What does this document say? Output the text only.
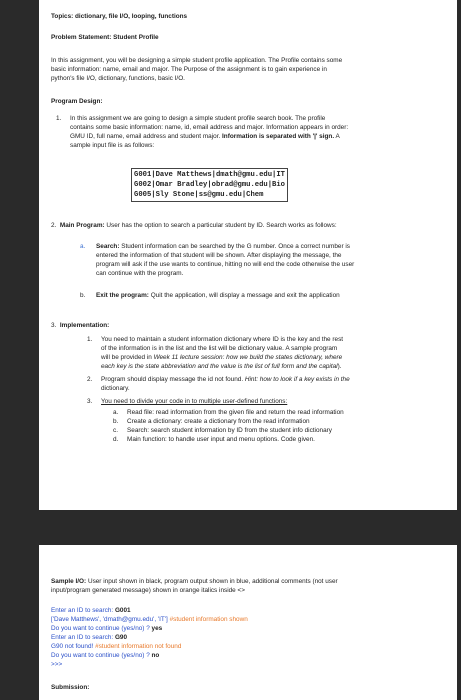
Topics: dictionary, file I/O, looping, functions
Problem Statement: Student Profile
In this assignment, you will be designing a simple student profile application. The Profile contains some
basic information: name, email and major. The Purpose of the assignment is to gain experience in
python's file I/O, dictionary, functions, basic I/O.
Program Design:
1. In this assignment we are going to design a simple student profile search book. The profile
contains some basic information: name, id, email address and major. Information appears in order:
GMU ID, full name, email address and student major. Information is separated with '|' sign. A
sample input file is as follows:
G001|Dave Matthews|dmath@gmu.edu|IT
G002|Omar Bradley|obrad@gmu.edu|Bio
G005|Sly Stone|ss@gmu.edu|Chem
2. Main Program: User has the option to search a particular student by ID. Search works as follows:
a. Search: Student information can be searched by the G number. Once a correct number is
entered the information of that student will be shown. After displaying the message, the
program will ask if the use wants to continue, hitting no will end the code otherwise the user
can continue with the program.
b. Exit the program: Quit the application, will display a message and exit the application
3. Implementation:
1. You need to maintain a student information dictionary where ID is the key and the rest
of the information is in the list and the list will be dictionary value. A sample program
will be provided in Week 11 lecture session: how we build the states dictionary, where
each key is the state abbreviation and the value is the list of full form and the capital).
2. Program should display message the id not found. Hint: how to look if a key exists in the
dictionary.
3. You need to divide your code in to multiple user-defined functions:
a. Read file: read information from the given file and return the read information
b. Create a dictionary: create a dictionary from the read information
c. Search: search student information by ID from the student info dictionary
d. Main function: to handle user input and menu options. Code given.
Sample I/O: User input shown in black, program output shown in blue, additional comments (not user
input/program generated message) shown in orange italics inside <>
Enter an ID to search: G001
['Dave Matthews', 'dmath@gmu.edu', 'IT'] #student information shown
Do you want to continue (yes/no) ? yes
Enter an ID to search: G90
G90 not found! #student information not found
Do you want to continue (yes/no) ? no
>>>
Submission:
